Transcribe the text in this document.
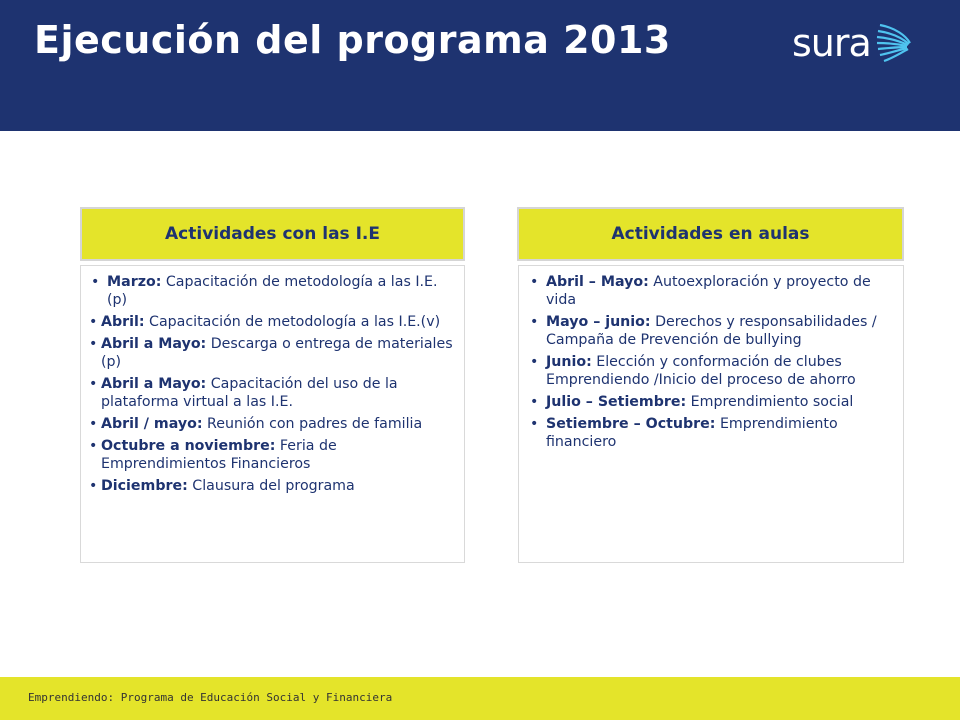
Ejecución del programa 2013	sura
Actividades con las I.E	Actividades en aulas
• Marzo: Capacitación de metodología a las I.E.(p)
• Abril: Capacitación de metodología a las I.E.(v)
• Abril a Mayo: Descarga o entrega de materiales (p)
• Abril a Mayo: Capacitación del uso de la plataforma virtual a las I.E.
• Abril / mayo: Reunión con padres de familia
• Octubre a noviembre: Feria de Emprendimientos Financieros
• Diciembre: Clausura del programa
• Abril – Mayo: Autoexploración y proyecto de vida
• Mayo – junio: Derechos y responsabilidades / Campaña de Prevención de bullying
• Junio: Elección y conformación de clubes Emprendiendo /Inicio del proceso de ahorro
• Julio – Setiembre: Emprendimiento social
• Setiembre – Octubre: Emprendimiento financiero
Emprendiendo: Programa de Educación Social y Financiera
